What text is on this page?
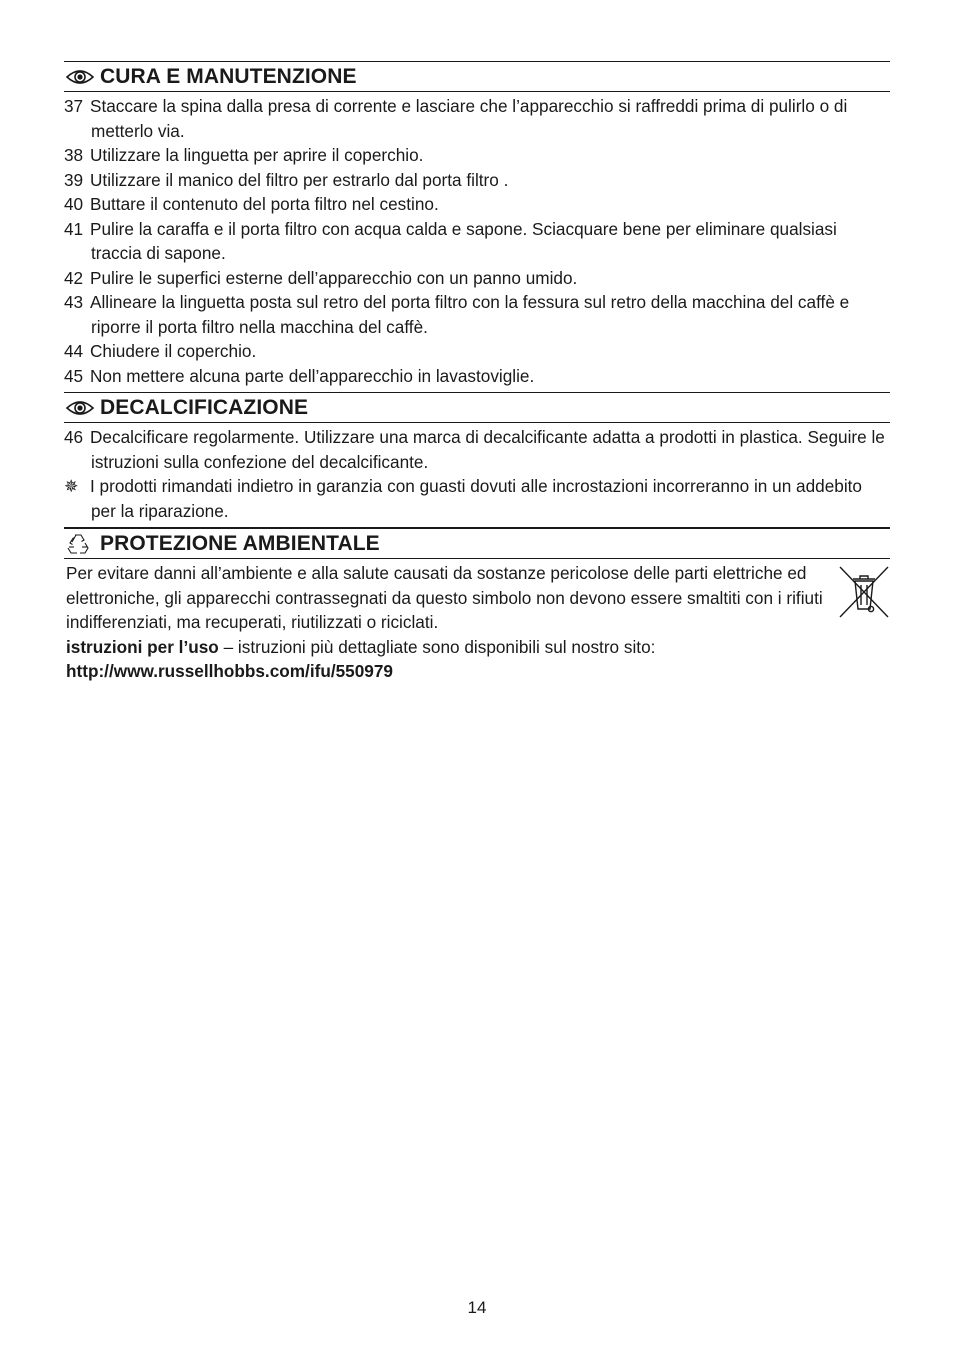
CURA E MANUTENZIONE
37 Staccare la spina dalla presa di corrente e lasciare che l’apparecchio si raffreddi prima di pulirlo o di metterlo via.
38 Utilizzare la linguetta per aprire il coperchio.
39 Utilizzare il manico del filtro per estrarlo dal porta filtro .
40 Buttare il contenuto del porta filtro nel cestino.
41 Pulire la caraffa e il porta filtro con acqua calda e sapone. Sciacquare bene per eliminare qualsiasi traccia di sapone.
42 Pulire le superfici esterne dell’apparecchio con un panno umido.
43 Allineare la linguetta posta sul retro del porta filtro con la fessura sul retro della macchina del caffè e riporre il porta filtro nella macchina del caffè.
44 Chiudere il coperchio.
45 Non mettere alcuna parte dell’apparecchio in lavastoviglie.
DECALCIFICAZIONE
46 Decalcificare regolarmente. Utilizzare una marca di decalcificante adatta a prodotti in plastica. Seguire le istruzioni sulla confezione del decalcificante.
✵ I prodotti rimandati indietro in garanzia con guasti dovuti alle incrostazioni incorreranno in un addebito per la riparazione.
PROTEZIONE AMBIENTALE
Per evitare danni all’ambiente e alla salute causati da sostanze pericolose delle parti elettriche ed elettroniche, gli apparecchi contrassegnati da questo simbolo non devono essere smaltiti con i rifiuti indifferenziati, ma recuperati, riutilizzati o riciclati.
istruzioni per l’uso – istruzioni più dettagliate sono disponibili sul nostro sito:
http://www.russellhobbs.com/ifu/550979
14
